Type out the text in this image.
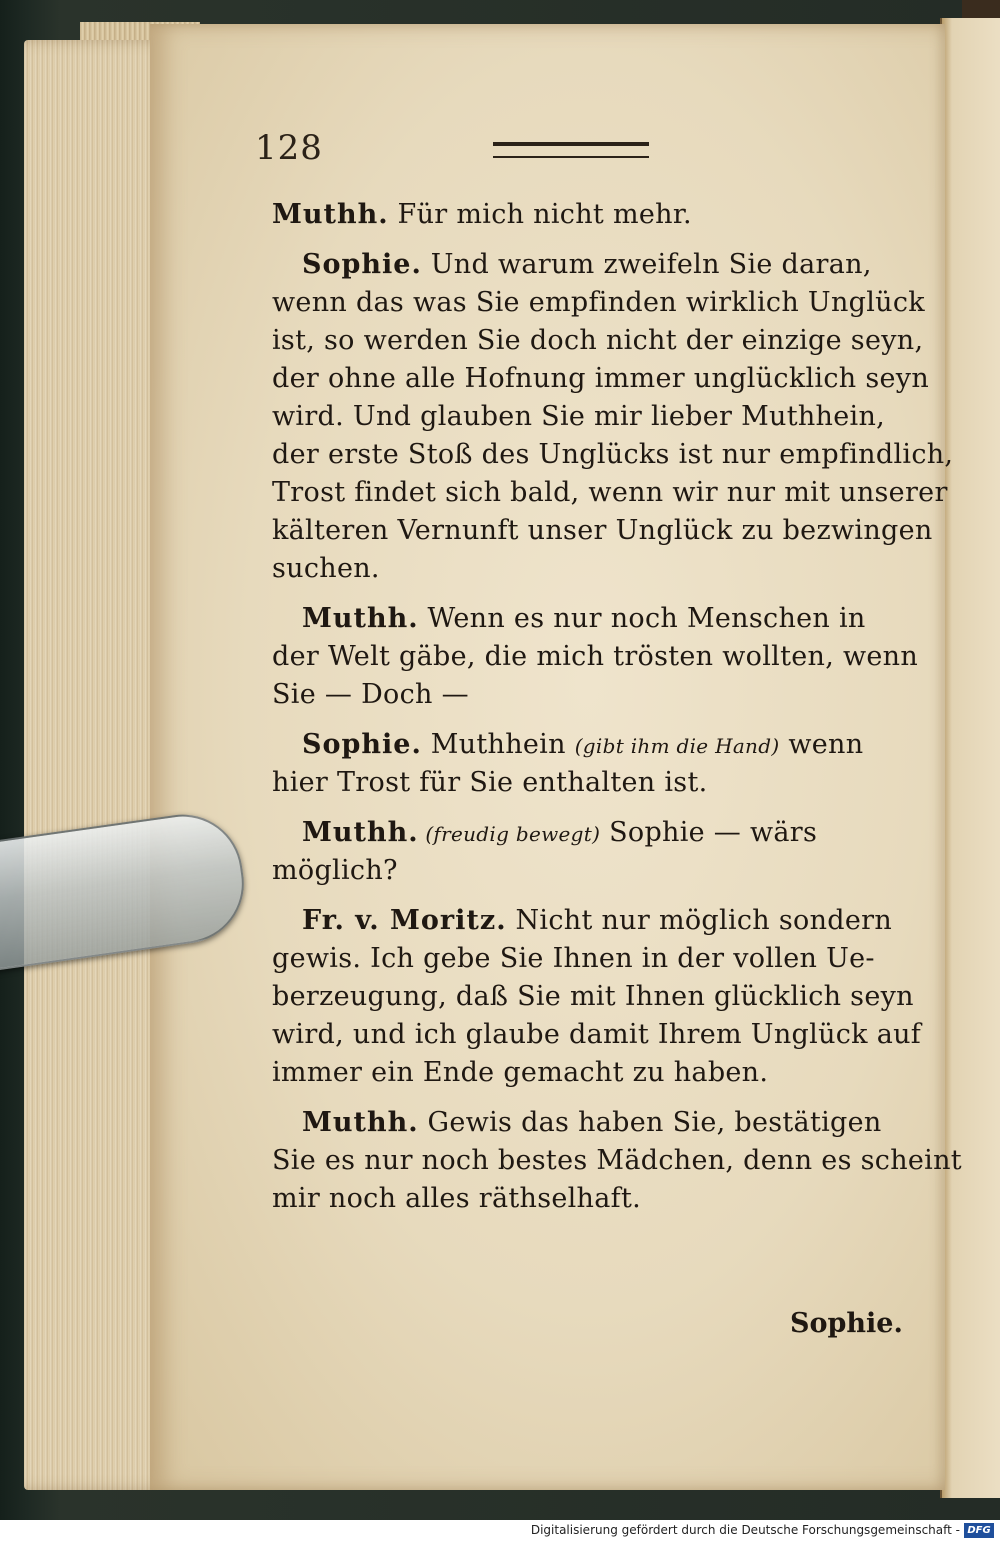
128
Muthh. Für mich nicht mehr.
Sophie. Und warum zweifeln Sie daran,
wenn das was Sie empfinden wirklich Unglück
ist, so werden Sie doch nicht der einzige seyn,
der ohne alle Hofnung immer unglücklich seyn
wird. Und glauben Sie mir lieber Muthhein,
der erste Stoß des Unglücks ist nur empfindlich,
Trost findet sich bald, wenn wir nur mit unserer
kälteren Vernunft unser Unglück zu bezwingen
suchen.
Muthh. Wenn es nur noch Menschen in
der Welt gäbe, die mich trösten wollten, wenn
Sie — Doch —
Sophie. Muthhein (gibt ihm die Hand) wenn
hier Trost für Sie enthalten ist.
Muthh. (freudig bewegt) Sophie — wärs
möglich?
Fr. v. Moritz. Nicht nur möglich sondern
gewis. Ich gebe Sie Ihnen in der vollen Ue-
berzeugung, daß Sie mit Ihnen glücklich seyn
wird, und ich glaube damit Ihrem Unglück auf
immer ein Ende gemacht zu haben.
Muthh. Gewis das haben Sie, bestätigen
Sie es nur noch bestes Mädchen, denn es scheint
mir noch alles räthselhaft.
Sophie.
Digitalisierung gefördert durch die Deutsche Forschungsgemeinschaft - DFG
